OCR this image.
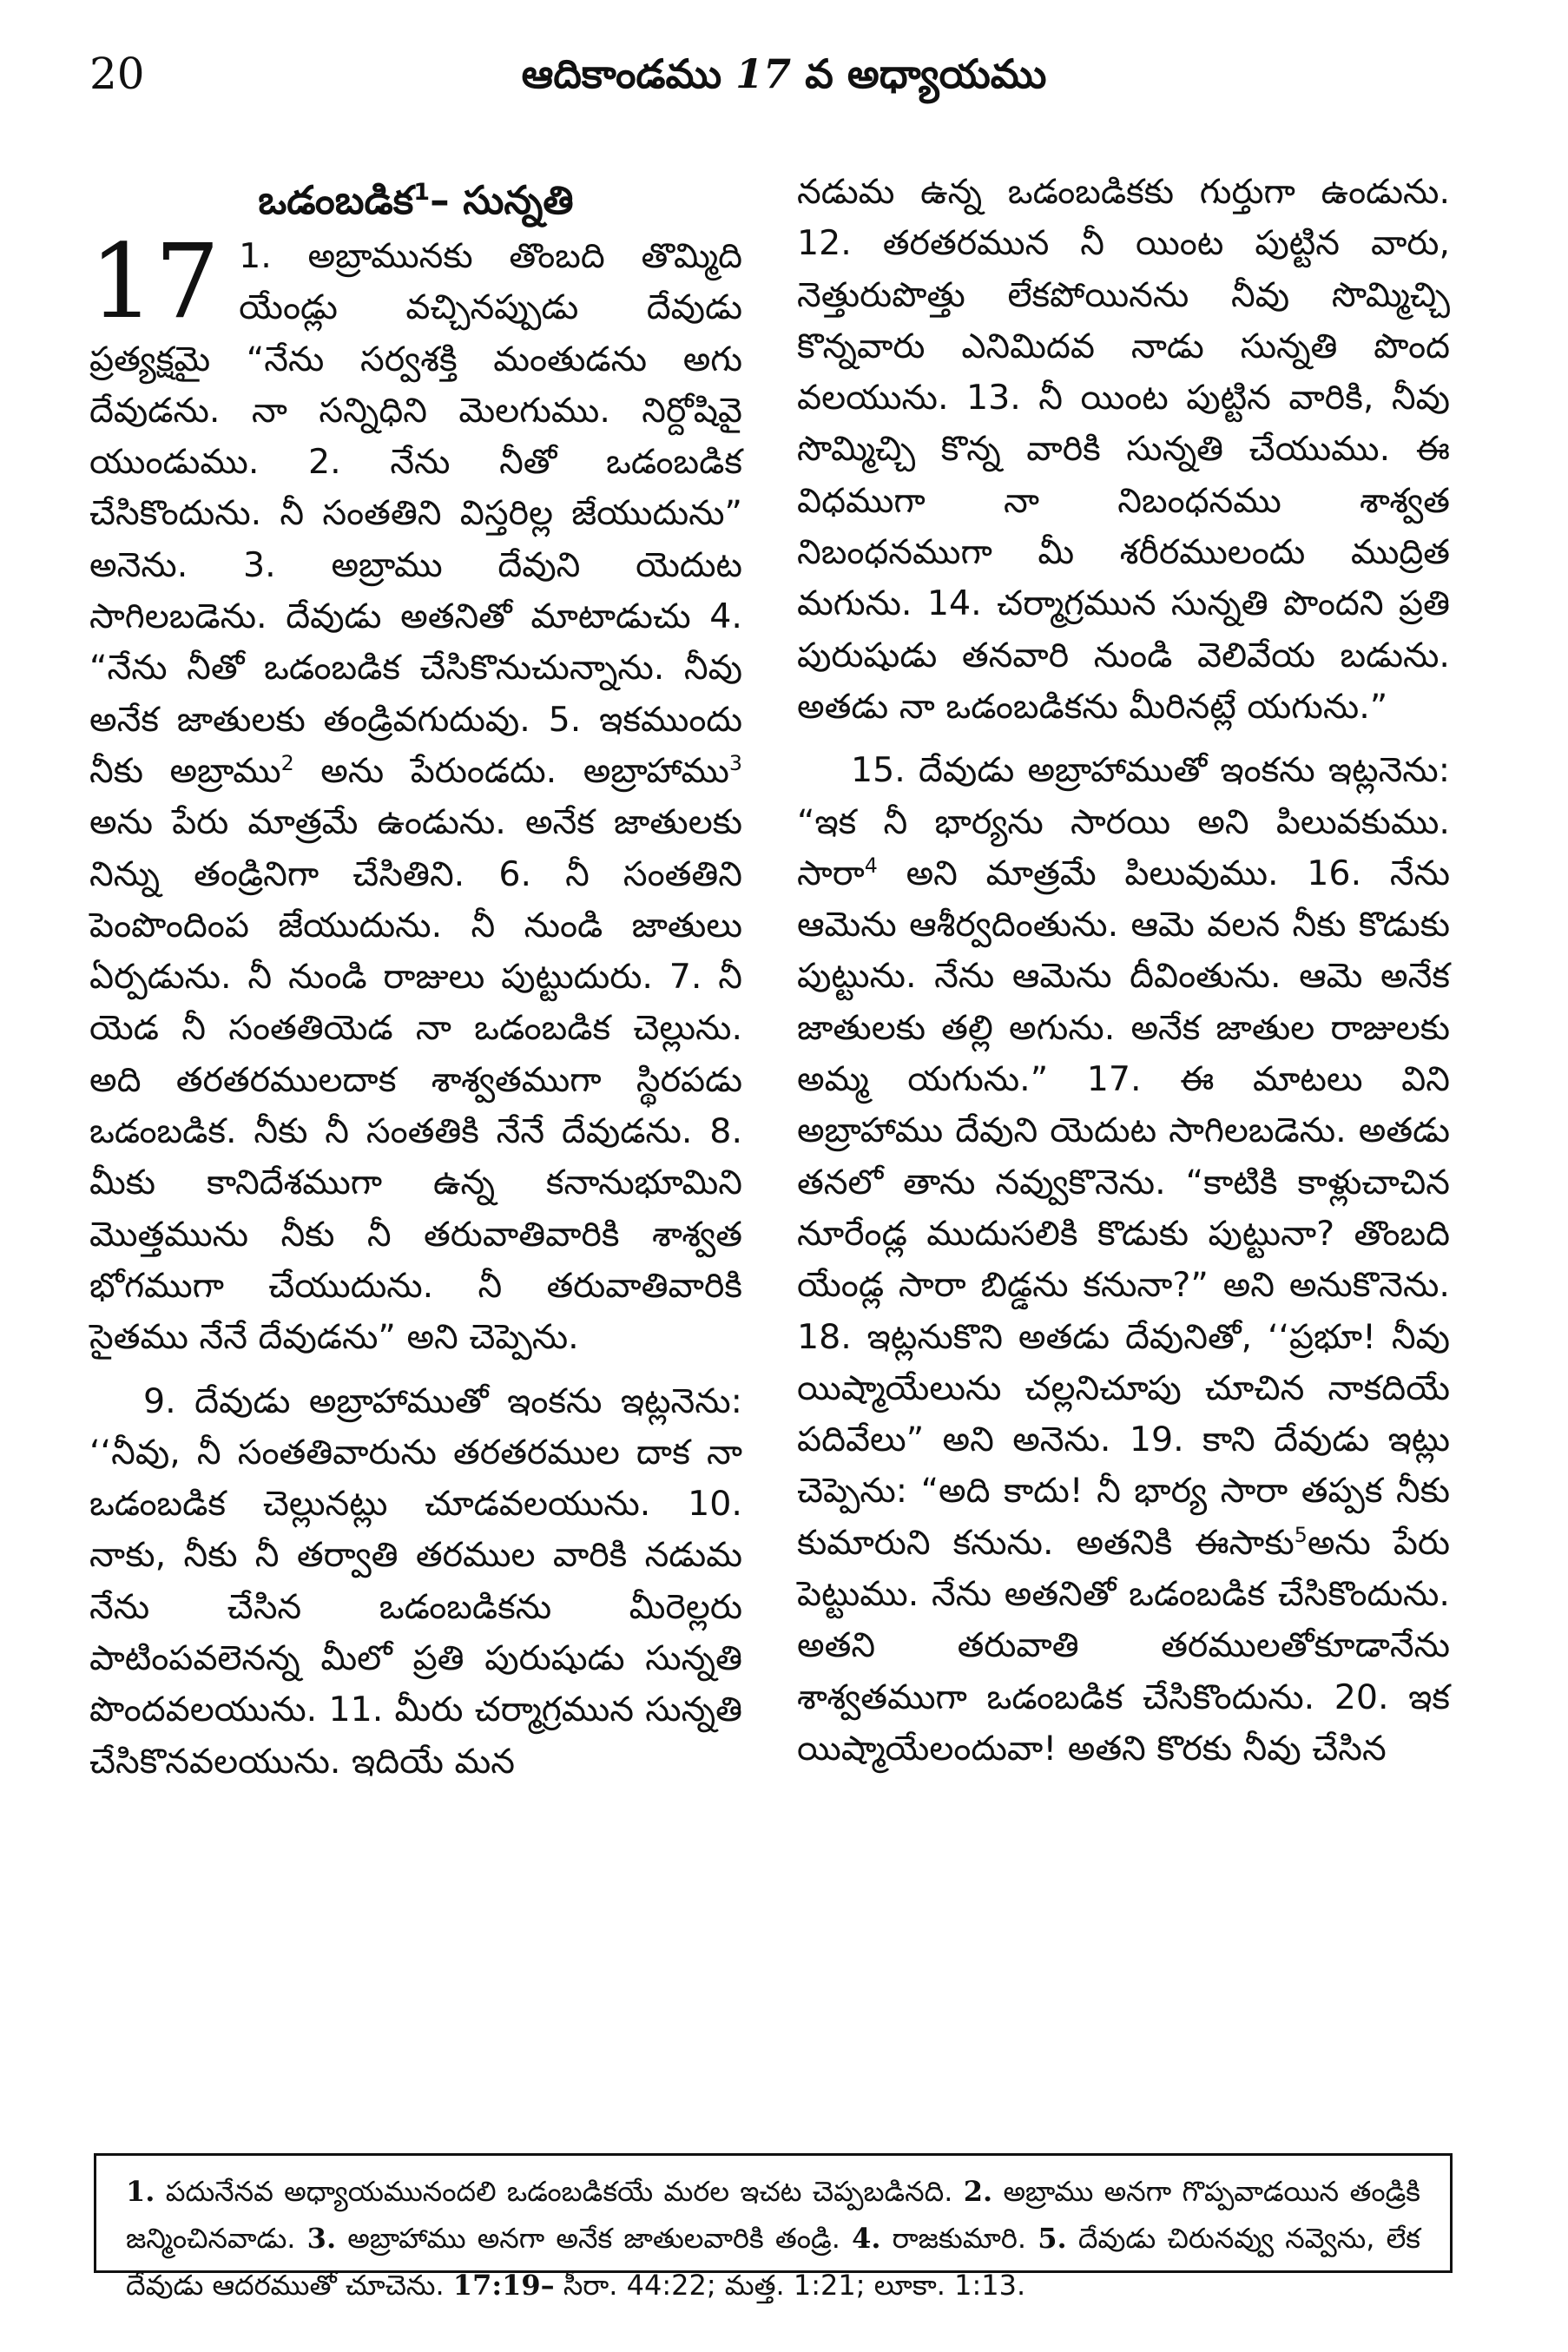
20	ఆదికాండము 17 వ అధ్యాయము
ఒడంబడిక$^1$– సున్నతి

17 1. అబ్రామునకు తొంబది తొమ్మిది యేండ్లు వచ్చినప్పుడు దేవుడు ప్రత్యక్షమై “నేను సర్వశక్తి మంతుడను అగు దేవుడను. నా సన్నిధిని మెలగుము. నిర్దోషివై యుండుము. 2. నేను నీతో ఒడంబడిక చేసికొందును. నీ సంతతిని విస్తరిల్ల జేయుదును” అనెను. 3. అబ్రాము దేవుని యెదుట సాగిలబడెను. దేవుడు అతనితో మాటాడుచు 4. “నేను నీతో ఒడంబడిక చేసికొనుచున్నాను. నీవు అనేక జాతులకు తండ్రివగుదువు. 5. ఇకముందు నీకు అబ్రాము$^2$ అను పేరుండదు. అబ్రాహాము$^3$ అను పేరు మాత్రమే ఉండును. అనేక జాతులకు నిన్ను తండ్రినిగా చేసితిని. 6. నీ సంతతిని పెంపొందింప జేయుదును. నీ నుండి జాతులు ఏర్పడును. నీ నుండి రాజులు పుట్టుదురు. 7. నీ యెడ నీ సంతతియెడ నా ఒడంబడిక చెల్లును. అది తరతరములదాక శాశ్వతముగా స్థిరపడు ఒడంబడిక. నీకు నీ సంతతికి నేనే దేవుడను. 8. మీకు కానిదేశముగా ఉన్న కనానుభూమిని మొత్తమును నీకు నీ తరువాతివారికి శాశ్వత భోగముగా చేయుదును. నీ తరువాతివారికి సైతము నేనే దేవుడను” అని చెప్పెను.

9. దేవుడు అబ్రాహాముతో ఇంకను ఇట్లనెను: ‘‘నీవు, నీ సంతతివారును తరతరముల దాక నా ఒడంబడిక చెల్లునట్లు చూడవలయును. 10. నాకు, నీకు నీ తర్వాతి తరముల వారికి నడుమ నేను చేసిన ఒడంబడికను మీరెల్లరు పాటింపవలెనన్న మీలో ప్రతి పురుషుడు సున్నతి పొందవలయును. 11. మీరు చర్మాగ్రమున సున్నతి చేసికొనవలయును. ఇదియే మన

నడుమ ఉన్న ఒడంబడికకు గుర్తుగా ఉండును. 12. తరతరమున నీ యింట పుట్టిన వారు, నెత్తురుపొత్తు లేకపోయినను నీవు సొమ్మిచ్చి కొన్నవారు ఎనిమిదవ నాడు సున్నతి పొంద వలయును. 13. నీ యింట పుట్టిన వారికి, నీవు సొమ్మిచ్చి కొన్న వారికి సున్నతి చేయుము. ఈ విధముగా నా నిబంధనము శాశ్వత నిబంధనముగా మీ శరీరములందు ముద్రిత మగును. 14. చర్మాగ్రమున సున్నతి పొందని ప్రతి పురుషుడు తనవారి నుండి వెలివేయ బడును. అతడు నా ఒడంబడికను మీరినట్లే యగును.”

15. దేవుడు అబ్రాహాముతో ఇంకను ఇట్లనెను: “ఇక నీ భార్యను సారయి అని పిలువకుము. సారా$^4$ అని మాత్రమే పిలువుము. 16. నేను ఆమెను ఆశీర్వదింతును. ఆమె వలన నీకు కొడుకు పుట్టును. నేను ఆమెను దీవింతును. ఆమె అనేక జాతులకు తల్లి అగును. అనేక జాతుల రాజులకు అమ్మ యగును.” 17. ఈ మాటలు విని అబ్రాహాము దేవుని యెదుట సాగిలబడెను. అతడు తనలో తాను నవ్వుకొనెను. “కాటికి కాళ్లుచాచిన నూరేండ్ల ముదుసలికి కొడుకు పుట్టునా? తొంబది యేండ్ల సారా బిడ్డను కనునా?” అని అనుకొనెను. 18. ఇట్లనుకొని అతడు దేవునితో, ‘‘ప్రభూ! నీవు యిష్మాయేలును చల్లనిచూపు చూచిన నాకదియే పదివేలు” అని అనెను. 19. కాని దేవుడు ఇట్లు చెప్పెను: “అది కాదు! నీ భార్య సారా తప్పక నీకు కుమారుని కనును. అతనికి ఈసాకు$^5$అను పేరు పెట్టుము. నేను అతనితో ఒడంబడిక చేసికొందును. అతని తరువాతి తరములతోకూడానేను శాశ్వతముగా ఒడంబడిక చేసికొందును. 20. ఇక యిష్మాయేలందువా! అతని కొరకు నీవు చేసిన

1. పదునేనవ అధ్యాయమునందలి ఒడంబడికయే మరల ఇచట చెప్పబడినది. 2. అబ్రాము అనగా గొప్పవాడయిన తండ్రికి జన్మించినవాడు. 3. అబ్రాహాము అనగా అనేక జాతులవారికి తండ్రి. 4. రాజకుమారి. 5. దేవుడు చిరునవ్వు నవ్వెను, లేక దేవుడు ఆదరముతో చూచెను. 17:19– సీరా. 44:22; మత్త. 1:21; లూకా. 1:13.
